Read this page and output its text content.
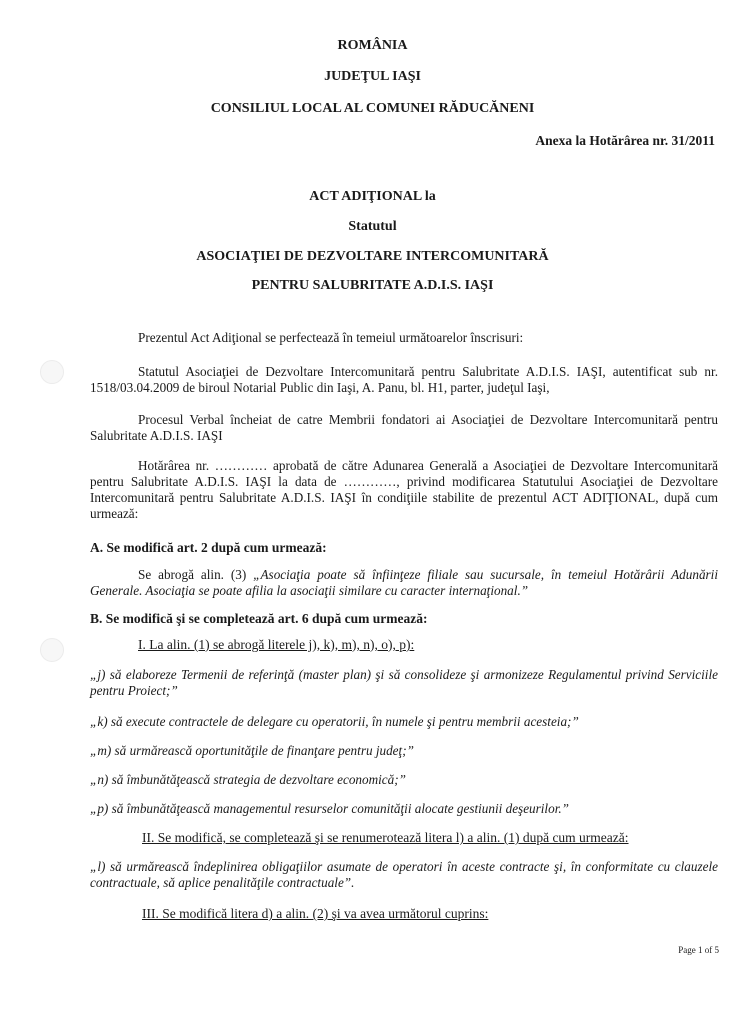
ROMÂNIA
JUDEŢUL IAŞI
CONSILIUL LOCAL AL COMUNEI RĂDUCĂNENI
Anexa la Hotărârea nr. 31/2011
ACT ADIŢIONAL la
Statutul
ASOCIAŢIEI DE DEZVOLTARE INTERCOMUNITARĂ
PENTRU SALUBRITATE A.D.I.S. IAŞI
Prezentul Act Adiţional se perfectează în temeiul următoarelor înscrisuri:
Statutul Asociaţiei de Dezvoltare Intercomunitară pentru Salubritate A.D.I.S. IAŞI, autentificat sub nr. 1518/03.04.2009 de biroul Notarial Public din Iaşi, A. Panu, bl. H1, parter, judeţul Iaşi,
Procesul Verbal încheiat de catre Membrii fondatori ai Asociaţiei de Dezvoltare Intercomunitară pentru Salubritate A.D.I.S. IAŞI
Hotărârea nr. ………… aprobată de către Adunarea Generală a Asociaţiei de Dezvoltare Intercomunitară pentru Salubritate A.D.I.S. IAŞI la data de …………, privind modificarea Statutului Asociaţiei de Dezvoltare Intercomunitară pentru Salubritate A.D.I.S. IAŞI în condiţiile stabilite de prezentul ACT ADIŢIONAL, după cum urmează:
A. Se modifică art. 2 după cum urmează:
Se abrogă alin. (3) „Asociaţia poate să înfiinţeze filiale sau sucursale, în temeiul Hotărârii Adunării Generale. Asociaţia se poate afilia la asociaţii similare cu caracter internaţional.”
B. Se modifică şi se completează art. 6 după cum urmează:
I. La alin. (1) se abrogă literele j), k), m), n), o), p):
„j) să elaboreze Termenii de referinţă (master plan) şi să consolideze şi armonizeze Regulamentul privind Serviciile pentru Proiect;”
„k) să execute contractele de delegare cu operatorii, în numele şi pentru membrii acesteia;”
„m) să urmărească oportunităţile de finanţare pentru judeţ;”
„n) să îmbunătăţească strategia de dezvoltare economică;”
„p) să îmbunătăţească managementul resurselor comunităţii alocate gestiunii deşeurilor.”
II. Se modifică, se completează şi se renumerotează litera l) a alin. (1) după cum urmează:
„l) să urmărească îndeplinirea obligaţiilor asumate de operatori în aceste contracte şi, în conformitate cu clauzele contractuale, să aplice penalităţile contractuale”.
III. Se modifică litera d) a alin. (2) şi va avea următorul cuprins:
Page 1 of 5
